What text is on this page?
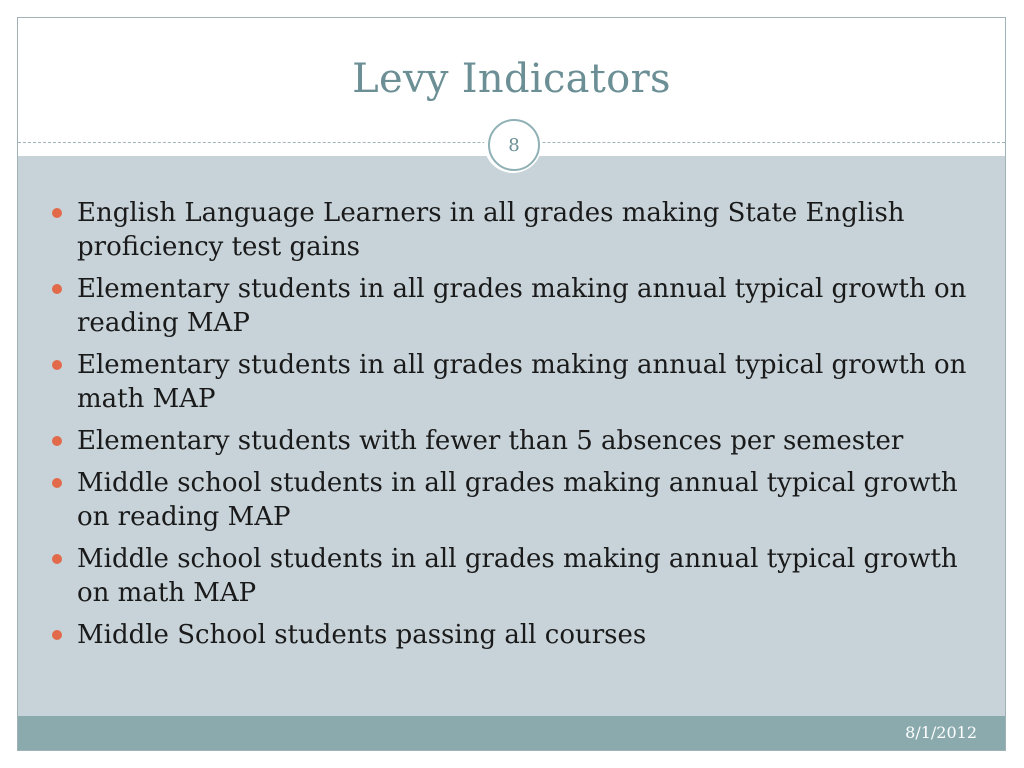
Levy Indicators
English Language Learners in all grades making State English proficiency test gains
Elementary students in all grades making annual typical growth on reading MAP
Elementary students in all grades making annual typical growth on math MAP
Elementary students with fewer than 5 absences per semester
Middle school students in all grades making annual typical growth on reading MAP
Middle school students in all grades making annual typical growth on math MAP
Middle School students passing all courses
8
8/1/2012
